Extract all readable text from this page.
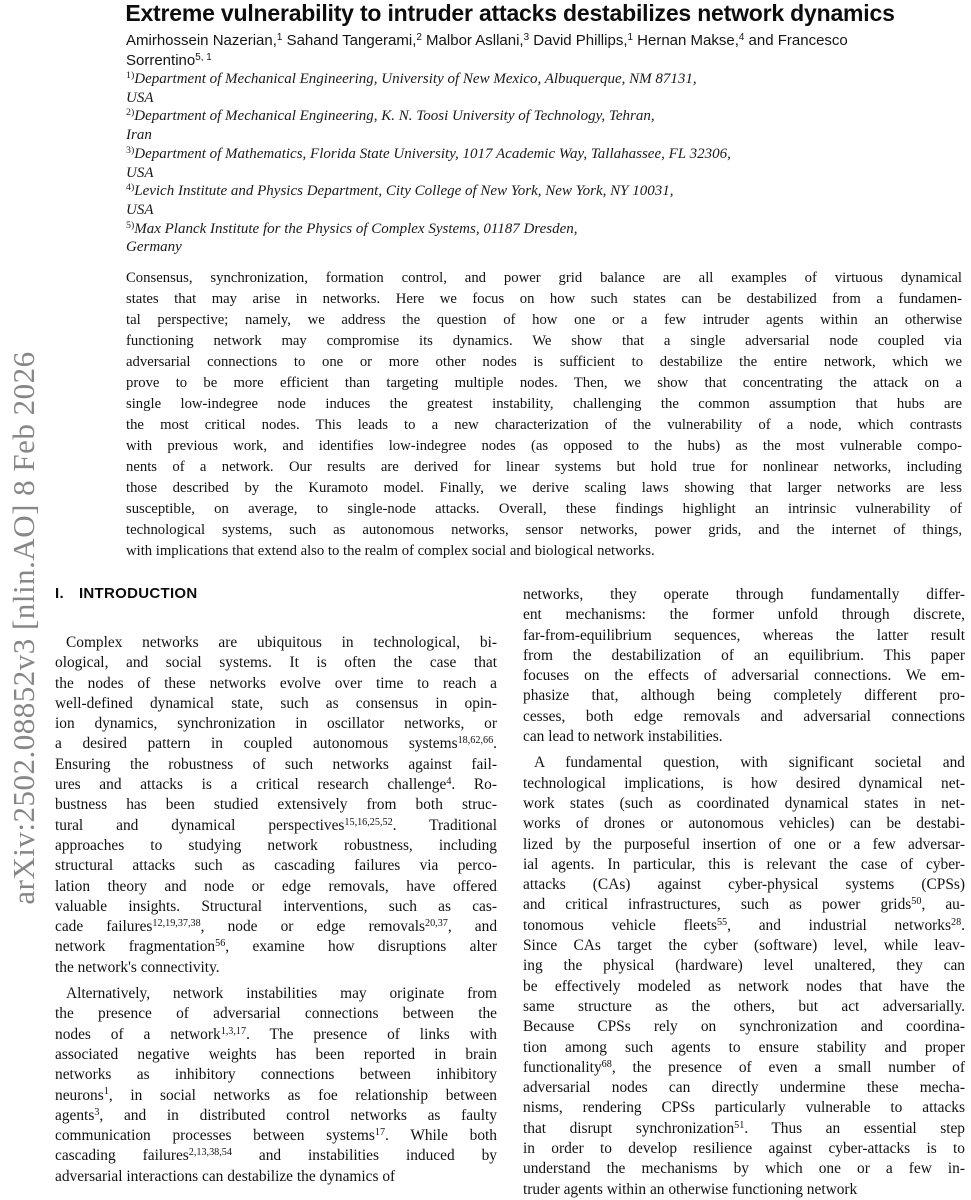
arXiv:2502.08852v3 [nlin.AO] 8 Feb 2026
Extreme vulnerability to intruder attacks destabilizes network dynamics
Amirhossein Nazerian,$^1$ Sahand Tangerami,$^2$ Malbor Asllani,$^3$ David Phillips,$^1$ Hernan Makse,$^4$ and Francesco
Sorrentino$^{5, 1}$
$^{1)}$Department of Mechanical Engineering, University of New Mexico, Albuquerque, NM 87131,
USA
$^{2)}$Department of Mechanical Engineering, K. N. Toosi University of Technology, Tehran,
Iran
$^{3)}$Department of Mathematics, Florida State University, 1017 Academic Way, Tallahassee, FL 32306,
USA
$^{4)}$Levich Institute and Physics Department, City College of New York, New York, NY 10031,
USA
$^{5)}$Max Planck Institute for the Physics of Complex Systems, 01187 Dresden,
Germany
Consensus, synchronization, formation control, and power grid balance are all examples of virtuous dynamical
states that may arise in networks. Here we focus on how such states can be destabilized from a fundamen-
tal perspective; namely, we address the question of how one or a few intruder agents within an otherwise
functioning network may compromise its dynamics. We show that a single adversarial node coupled via
adversarial connections to one or more other nodes is sufficient to destabilize the entire network, which we
prove to be more efficient than targeting multiple nodes. Then, we show that concentrating the attack on a
single low-indegree node induces the greatest instability, challenging the common assumption that hubs are
the most critical nodes. This leads to a new characterization of the vulnerability of a node, which contrasts
with previous work, and identifies low-indegree nodes (as opposed to the hubs) as the most vulnerable compo-
nents of a network. Our results are derived for linear systems but hold true for nonlinear networks, including
those described by the Kuramoto model. Finally, we derive scaling laws showing that larger networks are less
susceptible, on average, to single-node attacks. Overall, these findings highlight an intrinsic vulnerability of
technological systems, such as autonomous networks, sensor networks, power grids, and the internet of things,
with implications that extend also to the realm of complex social and biological networks.
I. INTRODUCTION
Complex networks are ubiquitous in technological, bi-
ological, and social systems. It is often the case that
the nodes of these networks evolve over time to reach a
well-defined dynamical state, such as consensus in opin-
ion dynamics, synchronization in oscillator networks, or
a desired pattern in coupled autonomous systems$^{18,62,66}$.
Ensuring the robustness of such networks against fail-
ures and attacks is a critical research challenge$^4$. Ro-
bustness has been studied extensively from both struc-
tural and dynamical perspectives$^{15,16,25,52}$. Traditional
approaches to studying network robustness, including
structural attacks such as cascading failures via perco-
lation theory and node or edge removals, have offered
valuable insights. Structural interventions, such as cas-
cade failures$^{12,19,37,38}$, node or edge removals$^{20,37}$, and
network fragmentation$^{56}$, examine how disruptions alter
the network's connectivity.
Alternatively, network instabilities may originate from
the presence of adversarial connections between the
nodes of a network$^{1,3,17}$. The presence of links with
associated negative weights has been reported in brain
networks as inhibitory connections between inhibitory
neurons$^1$, in social networks as foe relationship between
agents$^3$, and in distributed control networks as faulty
communication processes between systems$^{17}$. While both
cascading failures$^{2,13,38,54}$ and instabilities induced by
adversarial interactions can destabilize the dynamics of
networks, they operate through fundamentally differ-
ent mechanisms: the former unfold through discrete,
far-from-equilibrium sequences, whereas the latter result
from the destabilization of an equilibrium. This paper
focuses on the effects of adversarial connections. We em-
phasize that, although being completely different pro-
cesses, both edge removals and adversarial connections
can lead to network instabilities.
A fundamental question, with significant societal and
technological implications, is how desired dynamical net-
work states (such as coordinated dynamical states in net-
works of drones or autonomous vehicles) can be destabi-
lized by the purposeful insertion of one or a few adversar-
ial agents. In particular, this is relevant the case of cyber-
attacks (CAs) against cyber-physical systems (CPSs)
and critical infrastructures, such as power grids$^{50}$, au-
tonomous vehicle fleets$^{55}$, and industrial networks$^{28}$.
Since CAs target the cyber (software) level, while leav-
ing the physical (hardware) level unaltered, they can
be effectively modeled as network nodes that have the
same structure as the others, but act adversarially.
Because CPSs rely on synchronization and coordina-
tion among such agents to ensure stability and proper
functionality$^{68}$, the presence of even a small number of
adversarial nodes can directly undermine these mecha-
nisms, rendering CPSs particularly vulnerable to attacks
that disrupt synchronization$^{51}$. Thus an essential step
in order to develop resilience against cyber-attacks is to
understand the mechanisms by which one or a few in-
truder agents within an otherwise functioning network
